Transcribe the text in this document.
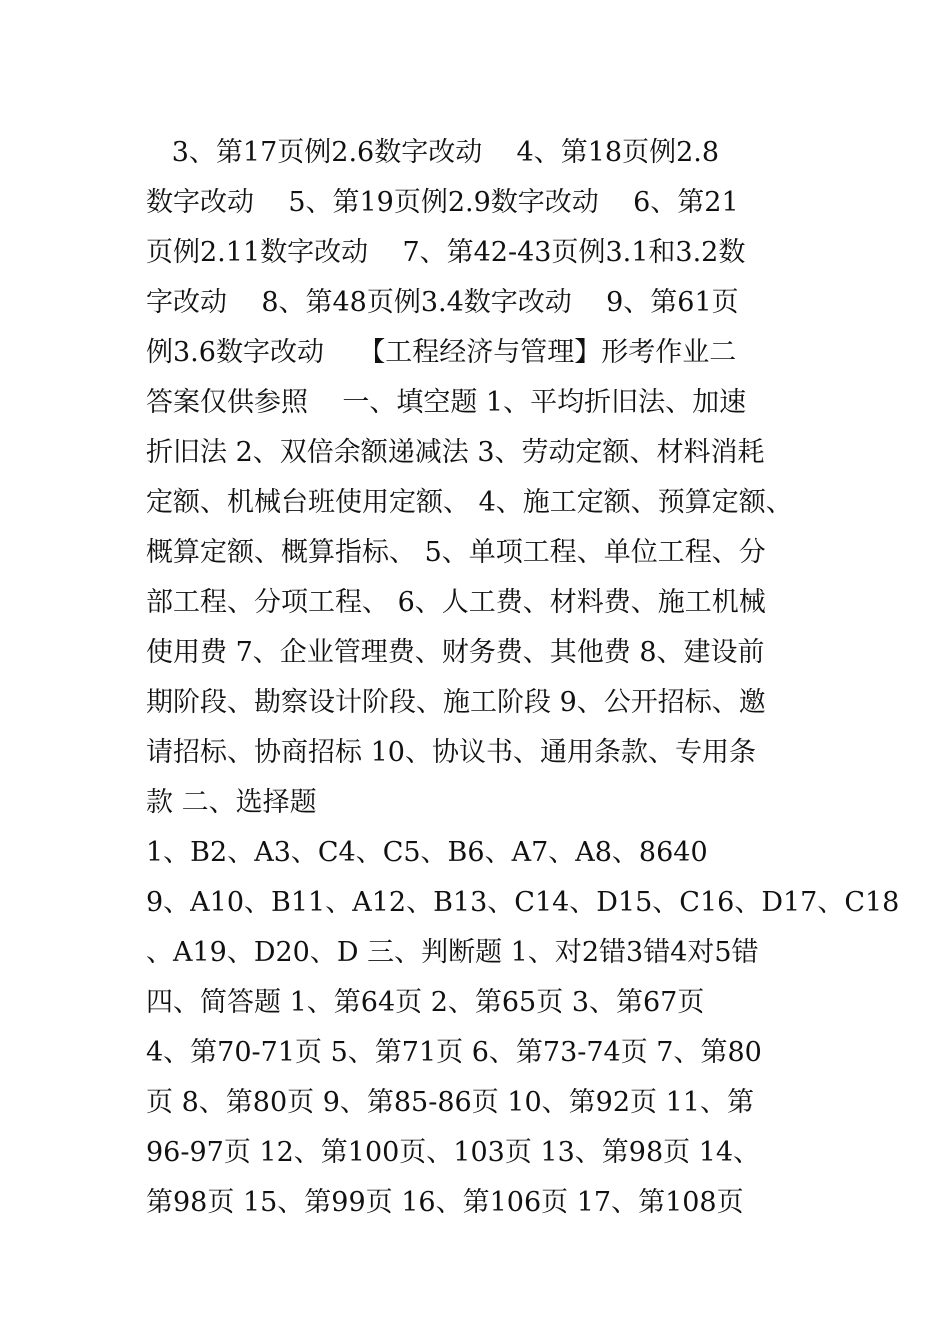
3、第17页例2.6数字改动    4、第18页例2.8
数字改动    5、第19页例2.9数字改动    6、第21
页例2.11数字改动    7、第42-43页例3.1和3.2数
字改动    8、第48页例3.4数字改动    9、第61页
例3.6数字改动    【工程经济与管理】形考作业二
答案仅供参照    一、填空题 1、平均折旧法、加速
折旧法 2、双倍余额递减法 3、劳动定额、材料消耗
定额、机械台班使用定额、 4、施工定额、预算定额、
概算定额、概算指标、 5、单项工程、单位工程、分
部工程、分项工程、 6、人工费、材料费、施工机械
使用费 7、企业管理费、财务费、其他费 8、建设前
期阶段、勘察设计阶段、施工阶段 9、公开招标、邀
请招标、协商招标 10、协议书、通用条款、专用条
款 二、选择题
1、B2、A3、C4、C5、B6、A7、A8、8640
9、A10、B11、A12、B13、C14、D15、C16、D17、C18
、A19、D20、D 三、判断题 1、对2错3错4对5错
四、简答题 1、第64页 2、第65页 3、第67页
4、第70-71页 5、第71页 6、第73-74页 7、第80
页 8、第80页 9、第85-86页 10、第92页 11、第
96-97页 12、第100页、103页 13、第98页 14、
第98页 15、第99页 16、第106页 17、第108页
